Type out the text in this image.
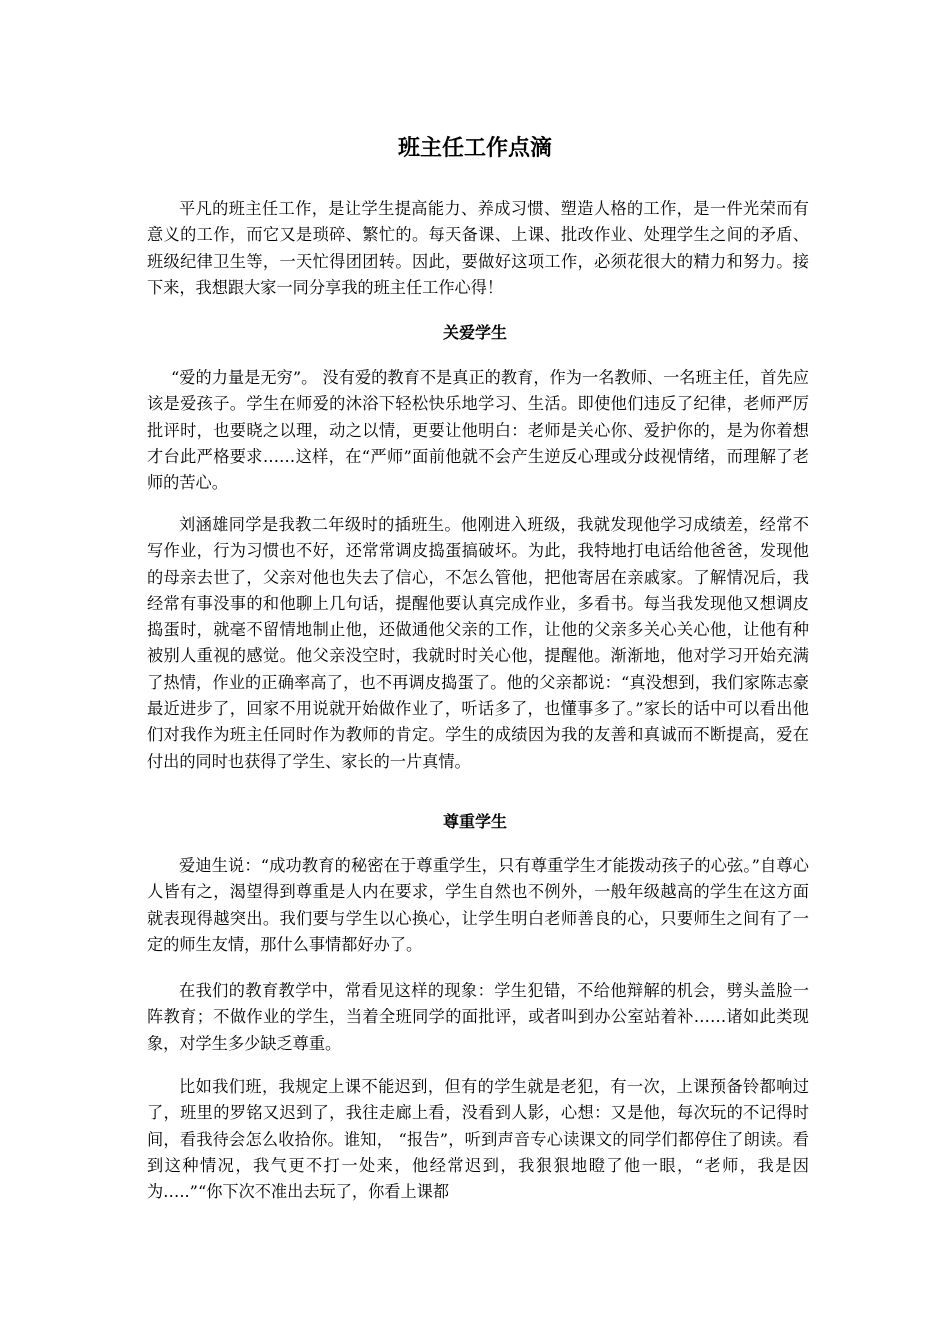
班主任工作点滴

平凡的班主任工作，是让学生提高能力、养成习惯、塑造人格的工作，是一件光荣而有意义的工作，而它又是琐碎、繁忙的。每天备课、上课、批改作业、处理学生之间的矛盾、班级纪律卫生等，一天忙得团团转。因此，要做好这项工作，必须花很大的精力和努力。接下来，我想跟大家一同分享我的班主任工作心得！

关爱学生

“爱的力量是无穷”。 没有爱的教育不是真正的教育，作为一名教师、一名班主任，首先应该是爱孩子。学生在师爱的沐浴下轻松快乐地学习、生活。即使他们违反了纪律，老师严厉批评时，也要晓之以理，动之以情，更要让他明白：老师是关心你、爱护你的，是为你着想才台此严格要求……这样，在“严师”面前他就不会产生逆反心理或分歧视情绪，而理解了老师的苦心。

刘涵雄同学是我教二年级时的插班生。他刚进入班级，我就发现他学习成绩差，经常不写作业，行为习惯也不好，还常常调皮捣蛋搞破坏。为此，我特地打电话给他爸爸，发现他的母亲去世了，父亲对他也失去了信心，不怎么管他，把他寄居在亲戚家。了解情况后，我经常有事没事的和他聊上几句话，提醒他要认真完成作业，多看书。每当我发现他又想调皮捣蛋时，就毫不留情地制止他，还做通他父亲的工作，让他的父亲多关心关心他，让他有种被别人重视的感觉。他父亲没空时，我就时时关心他，提醒他。渐渐地，他对学习开始充满了热情，作业的正确率高了，也不再调皮捣蛋了。他的父亲都说：“真没想到，我们家陈志豪最近进步了，回家不用说就开始做作业了，听话多了，也懂事多了。”家长的话中可以看出他们对我作为班主任同时作为教师的肯定。学生的成绩因为我的友善和真诚而不断提高，爱在付出的同时也获得了学生、家长的一片真情。

尊重学生

爱迪生说：“成功教育的秘密在于尊重学生，只有尊重学生才能拨动孩子的心弦。”自尊心人皆有之，渴望得到尊重是人内在要求，学生自然也不例外，一般年级越高的学生在这方面就表现得越突出。我们要与学生以心换心，让学生明白老师善良的心，只要师生之间有了一定的师生友情，那什么事情都好办了。

在我们的教育教学中，常看见这样的现象：学生犯错，不给他辩解的机会，劈头盖脸一阵教育；不做作业的学生，当着全班同学的面批评，或者叫到办公室站着补……诸如此类现象，对学生多少缺乏尊重。

比如我们班，我规定上课不能迟到，但有的学生就是老犯，有一次，上课预备铃都响过了，班里的罗铭又迟到了，我往走廊上看，没看到人影，心想：又是他，每次玩的不记得时间，看我待会怎么收拾你。谁知， “报告”，听到声音专心读课文的同学们都停住了朗读。看到这种情况，我气更不打一处来，他经常迟到，我狠狠地瞪了他一眼，“老师，我是因为…..”“你下次不准出去玩了，你看上课都
